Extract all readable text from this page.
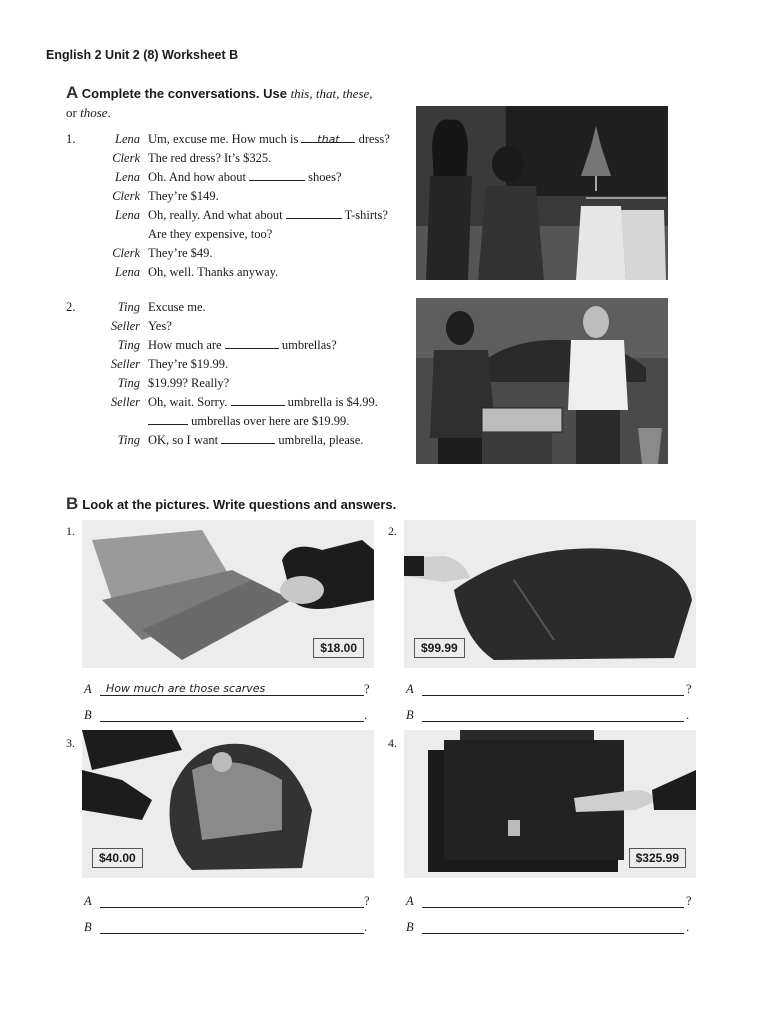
English 2 Unit 2 (8) Worksheet B
A Complete the conversations. Use this, that, these,
or those.
1.	Lena Um, excuse me. How much is that dress?
Clerk The red dress? It’s $325.
Lena Oh. And how about	shoes?
Clerk They’re $149.
Lena Oh, really. And what about	T-shirts?
Are they expensive, too?
Clerk They’re $49.
Lena Oh, well. Thanks anyway.
2.	Ting Excuse me.
Seller Yes?
Ting How much are	umbrellas?
Seller They’re $19.99.
Ting $19.99? Really?
Seller Oh, wait. Sorry.	umbrella is $4.99.
umbrellas over here are $19.99.
Ting OK, so I want	umbrella, please.
B Look at the pictures. Write questions and answers.
1.
$18.00
A How much are those scarves	?
B	.
2.
$99.99
A	?
B	.
3.
$40.00
A	?
B	.
4.
$325.99
A	?
B	.
